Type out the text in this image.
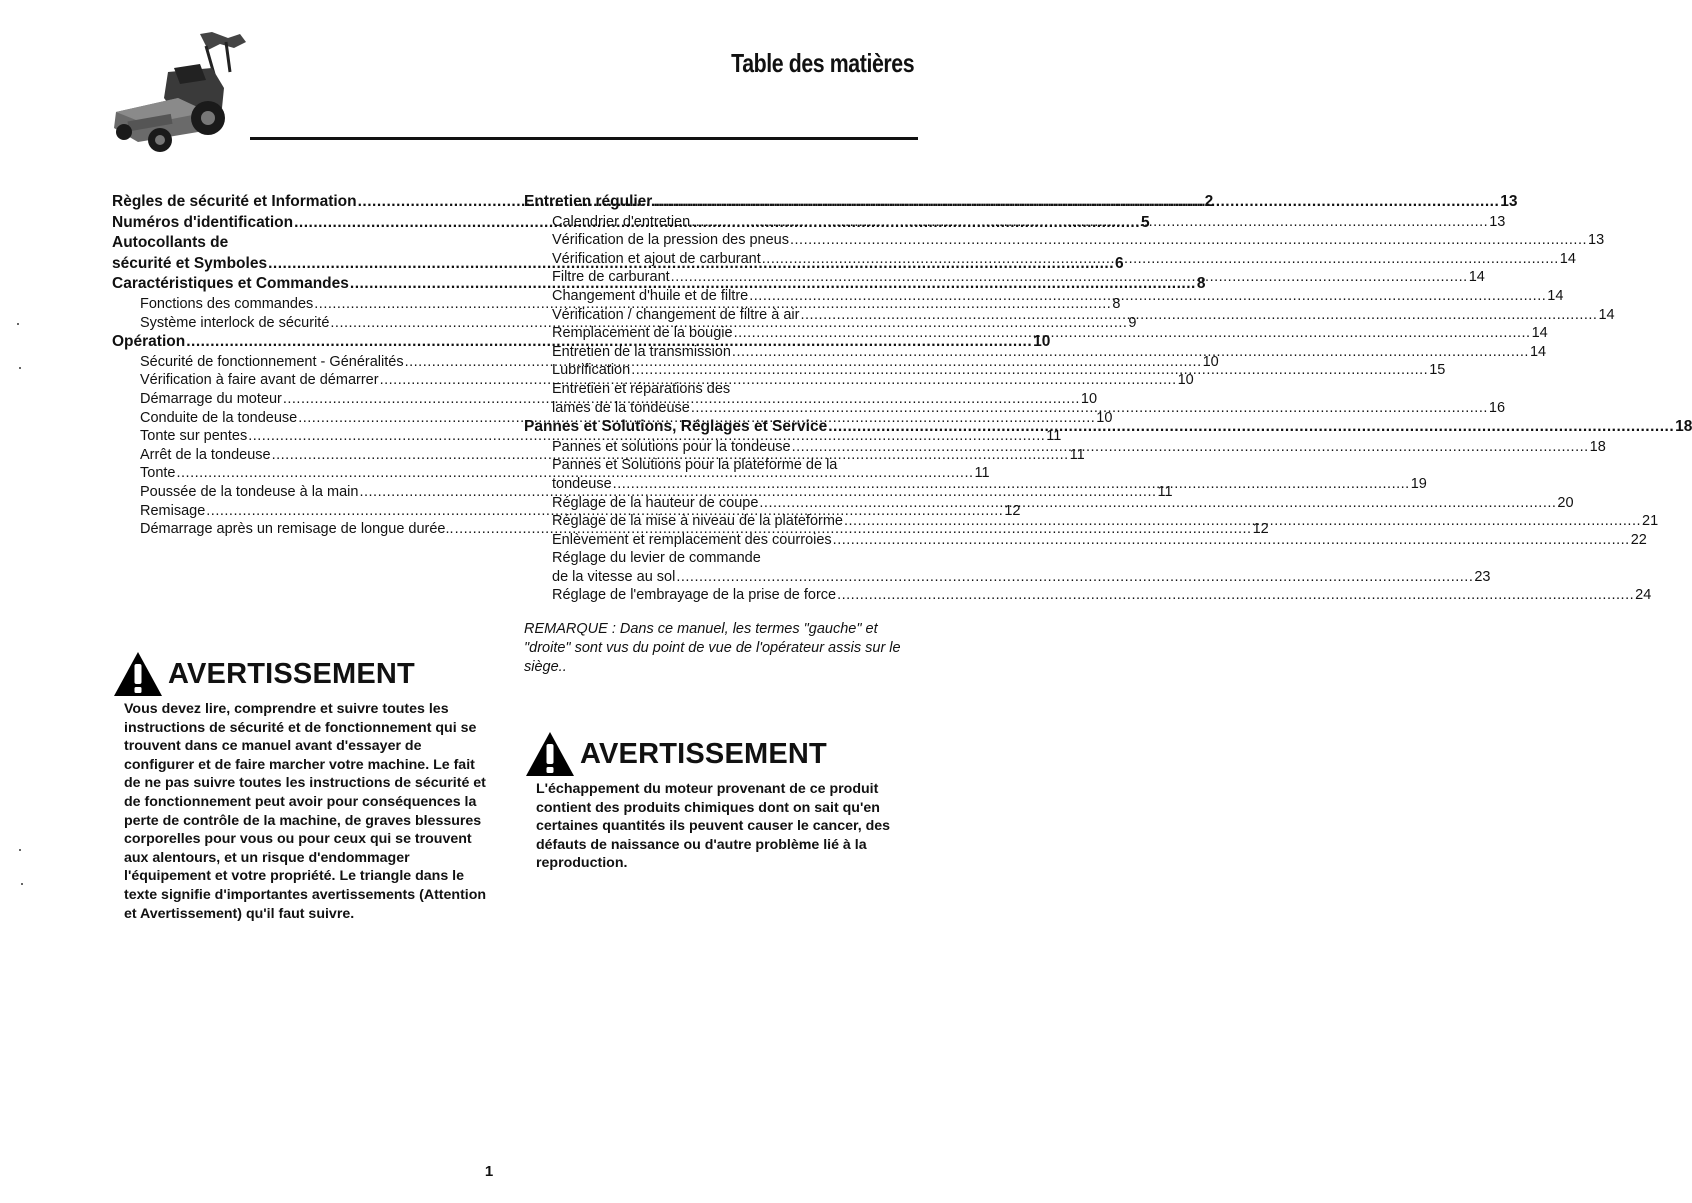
Table des matières
Règles de sécurité et Information .....	2
Numéros d'identification .....	5
Autocollants de
sécurité et Symboles .....	6
Caractéristiques et Commandes .....	8
Fonctions des commandes .....	8
Système interlock de sécurité .....	9
Opération .....	10
Sécurité de fonctionnement - Généralités .....	10
Vérification à faire avant de démarrer .....	10
Démarrage du moteur .....	10
Conduite de la tondeuse .....	10
Tonte sur pentes .....	11
Arrêt de la tondeuse .....	11
Tonte .....	11
Poussée de la tondeuse à la main .....	11
Remisage .....	12
Démarrage après un remisage de longue durée.. .....	12
Entretien régulier .....	13
Calendrier d'entretien .....	13
Vérification de la pression des pneus .....	13
Vérification et ajout de carburant .....	14
Filtre de carburant .....	14
Changement d'huile et de filtre .....	14
Vérification / changement de filtre à air .....	14
Remplacement de la bougie .....	14
Entretien de la transmission .....	14
Lubrification .....	15
Entretien et réparations des
lames de la tondeuse .....	16
Pannes et Solutions, Réglages et Service .....	18
Pannes et solutions pour la tondeuse .....	18
Pannes et Solutions pour la plateforme de la
tondeuse .....	19
Réglage de la hauteur de coupe .....	20
Réglage de la mise à niveau de la plateforme .....	21
Enlèvement et remplacement des courroies .....	22
Réglage du levier de commande
de la vitesse au sol .....	23
Réglage de l'embrayage de la prise de force .....	24

REMARQUE : Dans ce manuel, les termes "gauche" et "droite" sont vus du point de vue de l'opérateur assis sur le siège..

AVERTISSEMENT

Vous devez lire, comprendre et suivre toutes les instructions de sécurité et de fonctionnement qui se trouvent dans ce manuel avant d'essayer de configurer et de faire marcher votre machine. Le fait de ne pas suivre toutes les instructions de sécurité et de fonctionnement peut avoir pour conséquences la perte de contrôle de la machine, de graves blessures corporelles pour vous ou pour ceux qui se trouvent aux alentours, et un risque d'endommager l'équipement et votre propriété. Le triangle dans le texte signifie d'importantes avertissements (Attention et Avertissement) qu'il faut suivre.

AVERTISSEMENT

L'échappement du moteur provenant de ce produit contient des produits chimiques dont on sait qu'en certaines quantités ils peuvent causer le cancer, des défauts de naissance ou d'autre problème lié à la reproduction.

1
